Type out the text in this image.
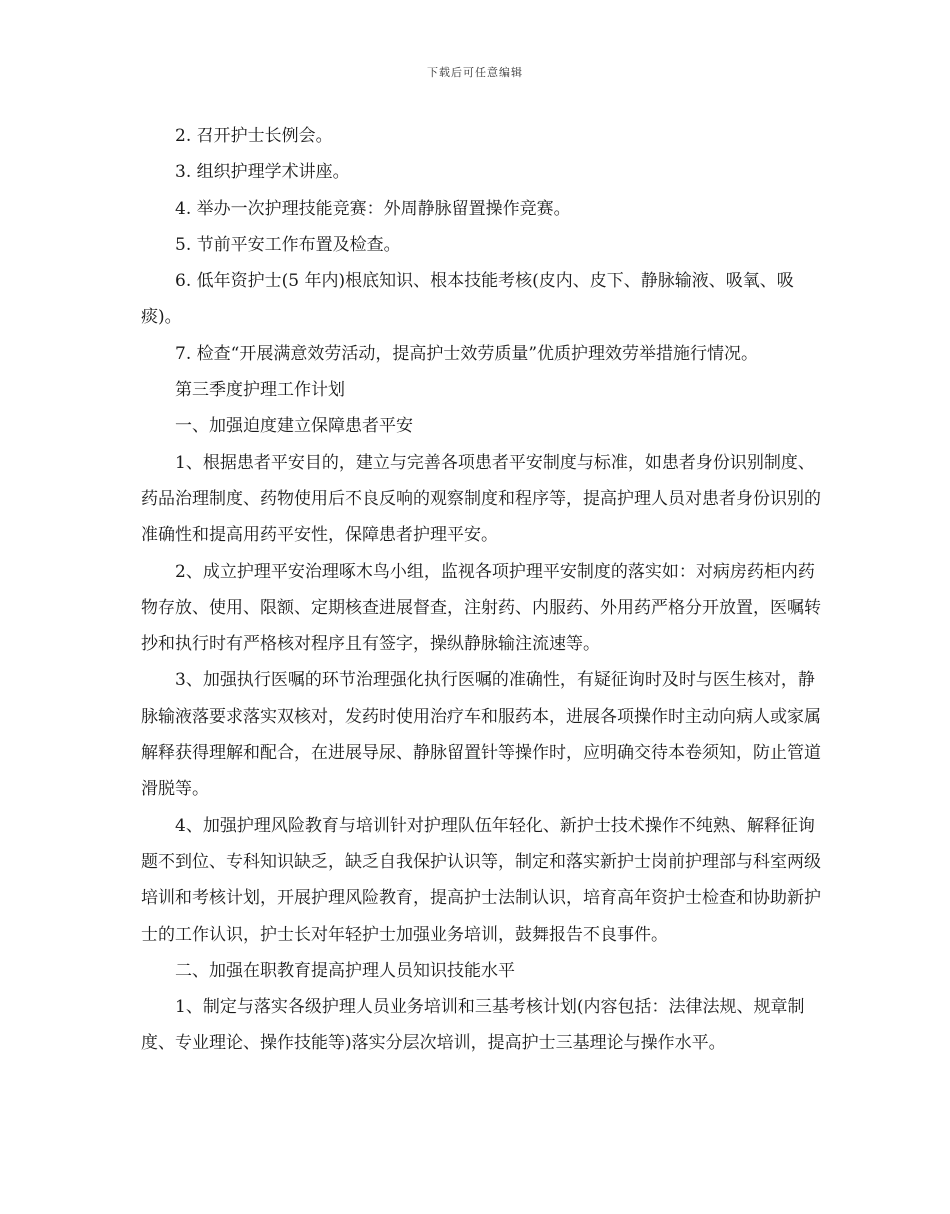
下载后可任意编辑

2. 召开护士长例会。

3. 组织护理学术讲座。

4. 举办一次护理技能竞赛：外周静脉留置操作竞赛。

5. 节前平安工作布置及检查。

6. 低年资护士(5 年内)根底知识、根本技能考核(皮内、皮下、静脉输液、吸氧、吸痰)。

7. 检查“开展满意效劳活动，提高护士效劳质量”优质护理效劳举措施行情况。

第三季度护理工作计划

一、加强迫度建立保障患者平安

1、根据患者平安目的，建立与完善各项患者平安制度与标准，如患者身份识别制度、药品治理制度、药物使用后不良反响的观察制度和程序等，提高护理人员对患者身份识别的准确性和提高用药平安性，保障患者护理平安。

2、成立护理平安治理啄木鸟小组，监视各项护理平安制度的落实如：对病房药柜内药物存放、使用、限额、定期核查进展督查，注射药、内服药、外用药严格分开放置，医嘱转抄和执行时有严格核对程序且有签字，操纵静脉输注流速等。

3、加强执行医嘱的环节治理强化执行医嘱的准确性，有疑征询时及时与医生核对，静脉输液落要求落实双核对，发药时使用治疗车和服药本，进展各项操作时主动向病人或家属解释获得理解和配合，在进展导尿、静脉留置针等操作时，应明确交待本卷须知，防止管道滑脱等。

4、加强护理风险教育与培训针对护理队伍年轻化、新护士技术操作不纯熟、解释征询题不到位、专科知识缺乏，缺乏自我保护认识等，制定和落实新护士岗前护理部与科室两级培训和考核计划，开展护理风险教育，提高护士法制认识，培育高年资护士检查和协助新护士的工作认识，护士长对年轻护士加强业务培训，鼓舞报告不良事件。

二、加强在职教育提高护理人员知识技能水平

1、制定与落实各级护理人员业务培训和三基考核计划(内容包括：法律法规、规章制度、专业理论、操作技能等)落实分层次培训，提高护士三基理论与操作水平。
